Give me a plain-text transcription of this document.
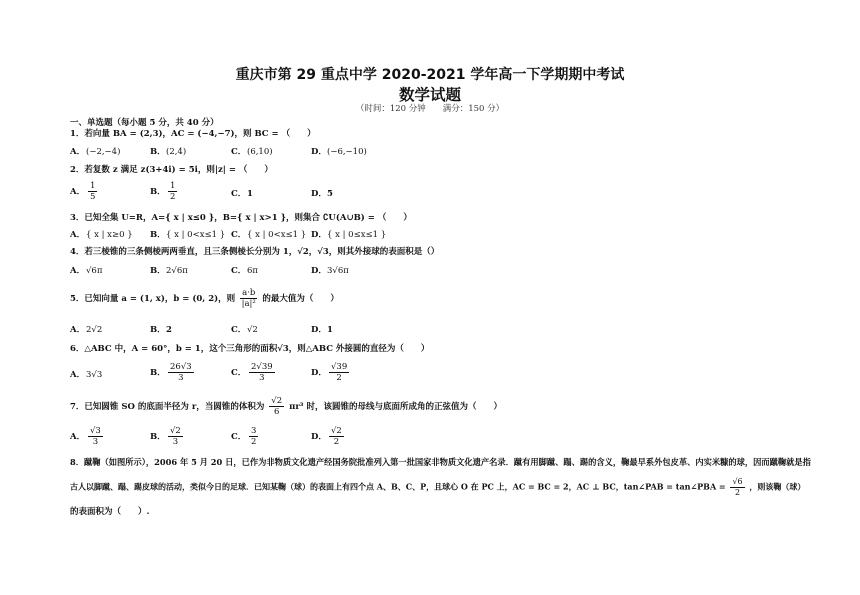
重庆市第 29 重点中学 2020-2021 学年高一下学期期中考试
数学试题
（时间：120 分钟　　满分：150 分）
一、单选题（每小题 5 分，共 40 分）
1．若向量 BA = (2,3)，AC = (−4,−7)，则 BC = （　　）
A．(−2,−4)	B．(2,4)	C．(6,10)	D．(−6,−10)
2．若复数 z 满足 z(3+4i) = 5i，则|z| = （　　）
A． $\frac{1}{5}$	B． $\frac{1}{2}$	C．1	D．5
3．已知全集 U=R，A={ x | x≤0 }，B={ x | x>1 }，则集合 ∁U(A∪B) = （　　）
A．{ x | x≥0 } B．{ x | 0<x≤1 } C．{ x | 0<x≤1 } D．{ x | 0≤x≤1 }
4．若三棱锥的三条侧棱两两垂直，且三条侧棱长分别为 1，√2，√3，则其外接球的表面积是（）
A．√6π	B．2√6π	C．6π	D．3√6π
5．已知向量 a = (1, x)，b = (0, 2)，则 $\frac{a\cdot b}{\text{|a|²}}$ 的最大值为（　　）
A．2√2	B．2	C．√2	D．1
6．△ABC 中，A = 60°，b = 1，这个三角形的面积√3，则△ABC 外接圆的直径为（　　）
A．3√3	B． $\frac{26√3}{3}$	C． $\frac{2√39}{3}$	D． $\frac{√39}{2}$
7．已知圆锥 SO 的底面半径为 r，当圆锥的体积为 $\frac{√2}{6} \pi r^3$ 时，该圆锥的母线与底面所成角的正弦值为（　　）
A． $\frac{√3}{3}$	B． $\frac{√2}{3}$	C． $\frac{3}{2}$	D． $\frac{√2}{2}$
8．蹴鞠（如图所示），2006 年 5 月 20 日，已作为非物质文化遗产经国务院批准列入第一批国家非物质文化遗产名录．蹴有用脚蹴、蹋、踢的含义，鞠最早系外包皮革、内实米糠的球，因而蹴鞠就是指
古人以脚蹴、蹋、踢皮球的活动，类似今日的足球．已知某鞠（球）的表面上有四个点 A、B、C、P，且球心 O 在 PC 上，AC = BC = 2，AC ⊥ BC，tan∠PAB = tan∠PBA = $\frac{√6}{2}$ ，则该鞠（球）
的表面积为（　　）.
